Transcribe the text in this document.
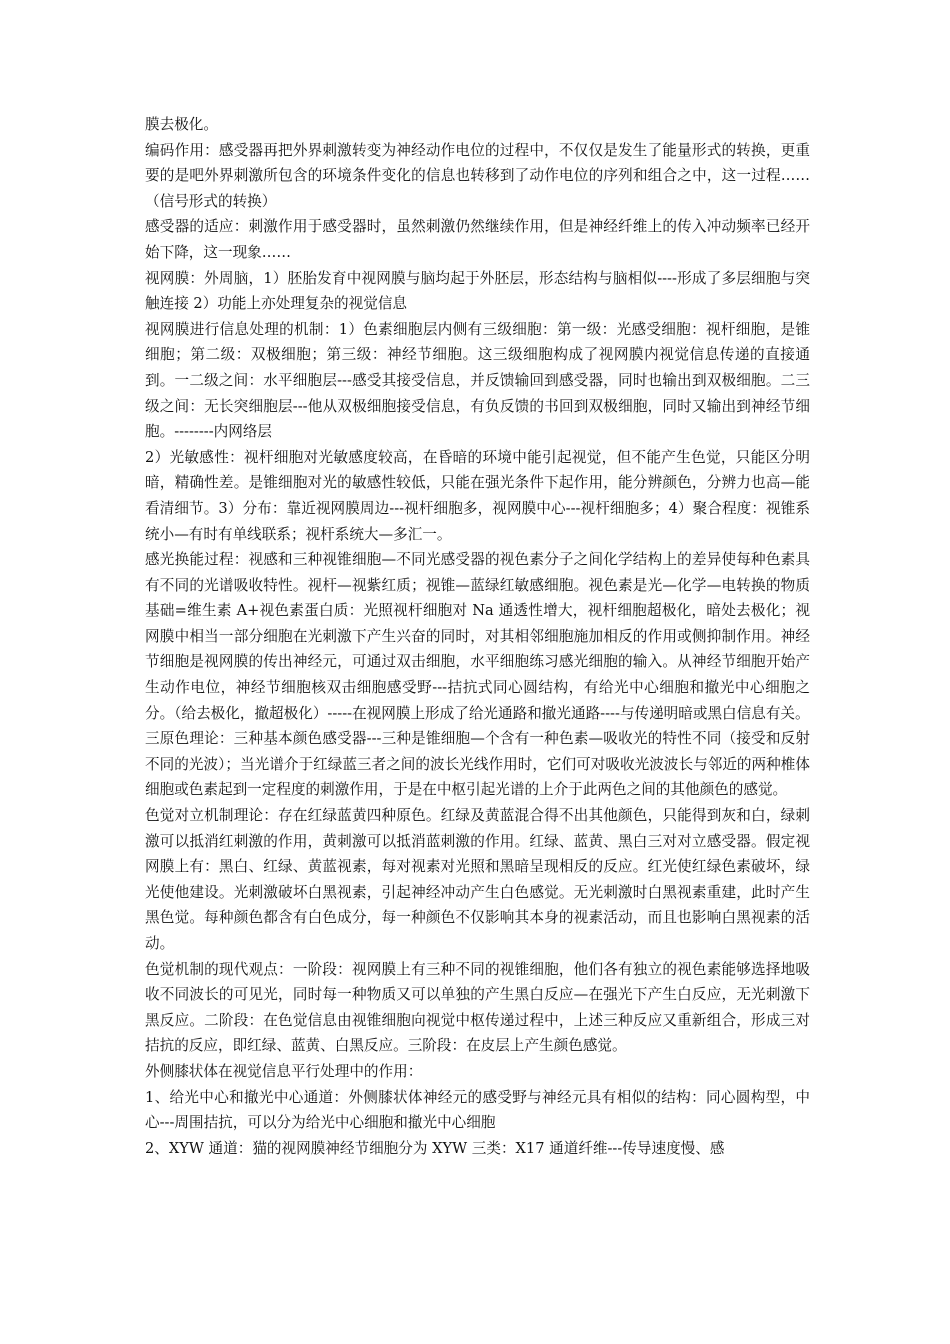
膜去极化。

编码作用：感受器再把外界刺激转变为神经动作电位的过程中，不仅仅是发生了能量形式的转换，更重要的是吧外界刺激所包含的环境条件变化的信息也转移到了动作电位的序列和组合之中，这一过程……（信号形式的转换）

感受器的适应：刺激作用于感受器时，虽然刺激仍然继续作用，但是神经纤维上的传入冲动频率已经开始下降，这一现象……

视网膜：外周脑，1）胚胎发育中视网膜与脑均起于外胚层，形态结构与脑相似----形成了多层细胞与突触连接 2）功能上亦处理复杂的视觉信息

视网膜进行信息处理的机制：1）色素细胞层内侧有三级细胞：第一级：光感受细胞：视杆细胞，是锥细胞；第二级：双极细胞；第三级：神经节细胞。这三级细胞构成了视网膜内视觉信息传递的直接通到。一二级之间：水平细胞层---感受其接受信息，并反馈输回到感受器，同时也输出到双极细胞。二三级之间：无长突细胞层---他从双极细胞接受信息，有负反馈的书回到双极细胞，同时又输出到神经节细胞。--------内网络层

2）光敏感性：视杆细胞对光敏感度较高，在昏暗的环境中能引起视觉，但不能产生色觉，只能区分明暗，精确性差。是锥细胞对光的敏感性较低，只能在强光条件下起作用，能分辨颜色，分辨力也高—能看清细节。3）分布：靠近视网膜周边---视杆细胞多，视网膜中心---视杆细胞多；4）聚合程度：视锥系统小—有时有单线联系；视杆系统大—多汇一。

感光换能过程：视感和三种视锥细胞—不同光感受器的视色素分子之间化学结构上的差异使每种色素具有不同的光谱吸收特性。视杆—视紫红质；视锥—蓝绿红敏感细胞。视色素是光—化学—电转换的物质基础=维生素 A+视色素蛋白质：光照视杆细胞对 Na 通透性增大，视杆细胞超极化，暗处去极化；视网膜中相当一部分细胞在光刺激下产生兴奋的同时，对其相邻细胞施加相反的作用或侧抑制作用。神经节细胞是视网膜的传出神经元，可通过双击细胞，水平细胞练习感光细胞的输入。从神经节细胞开始产生动作电位，神经节细胞核双击细胞感受野---拮抗式同心圆结构，有给光中心细胞和撤光中心细胞之分。（给去极化，撤超极化）-----在视网膜上形成了给光通路和撤光通路----与传递明暗或黑白信息有关。

三原色理论：三种基本颜色感受器---三种是锥细胞—个含有一种色素—吸收光的特性不同（接受和反射不同的光波）；当光谱介于红绿蓝三者之间的波长光线作用时，它们可对吸收光波波长与邻近的两种椎体细胞或色素起到一定程度的刺激作用，于是在中枢引起光谱的上介于此两色之间的其他颜色的感觉。

色觉对立机制理论：存在红绿蓝黄四种原色。红绿及黄蓝混合得不出其他颜色，只能得到灰和白，绿刺激可以抵消红刺激的作用，黄刺激可以抵消蓝刺激的作用。红绿、蓝黄、黑白三对对立感受器。假定视网膜上有：黑白、红绿、黄蓝视素，每对视素对光照和黑暗呈现相反的反应。红光使红绿色素破坏，绿光使他建设。光刺激破坏白黑视素，引起神经冲动产生白色感觉。无光刺激时白黑视素重建，此时产生黑色觉。每种颜色都含有白色成分，每一种颜色不仅影响其本身的视素活动，而且也影响白黑视素的活动。

色觉机制的现代观点：一阶段：视网膜上有三种不同的视锥细胞，他们各有独立的视色素能够选择地吸收不同波长的可见光，同时每一种物质又可以单独的产生黑白反应—在强光下产生白反应，无光刺激下黑反应。二阶段：在色觉信息由视锥细胞向视觉中枢传递过程中，上述三种反应又重新组合，形成三对拮抗的反应，即红绿、蓝黄、白黑反应。三阶段：在皮层上产生颜色感觉。

外侧膝状体在视觉信息平行处理中的作用：

1、给光中心和撤光中心通道：外侧膝状体神经元的感受野与神经元具有相似的结构：同心圆构型，中心---周围拮抗，可以分为给光中心细胞和撤光中心细胞

2、XYW 通道：猫的视网膜神经节细胞分为 XYW 三类：X17 通道纤维---传导速度慢、感
